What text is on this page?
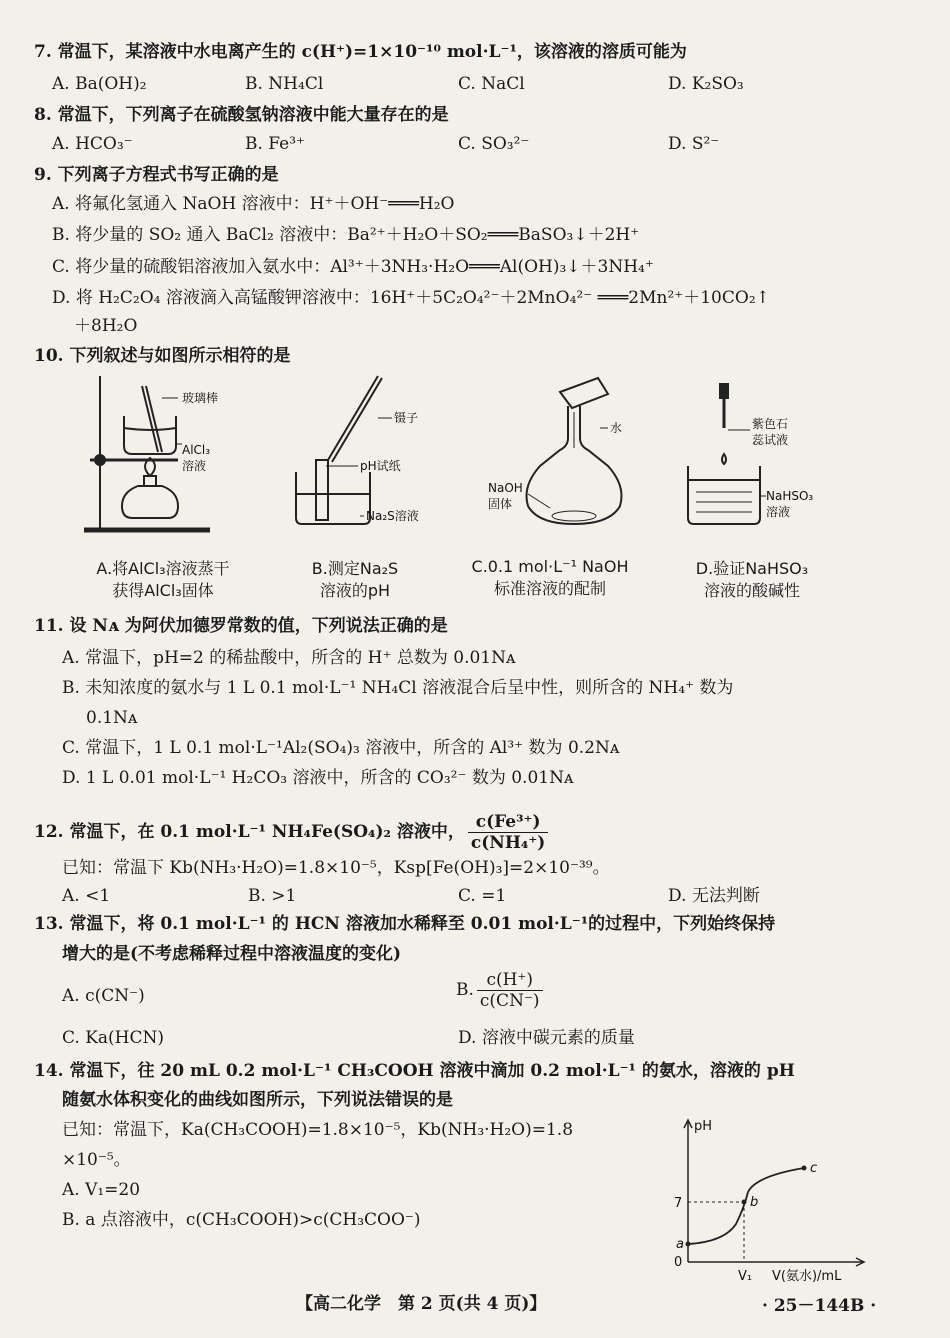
7. 常温下，某溶液中水电离产生的 c(H⁺)=1×10⁻¹⁰ mol·L⁻¹，该溶液的溶质可能为
A. Ba(OH)₂	B. NH₄Cl	C. NaCl	D. K₂SO₃
8. 常温下，下列离子在硫酸氢钠溶液中能大量存在的是
A. HCO₃⁻	B. Fe³⁺	C. SO₃²⁻	D. S²⁻
9. 下列离子方程式书写正确的是
A. 将氟化氢通入 NaOH 溶液中：H⁺＋OH⁻═══H₂O
B. 将少量的 SO₂ 通入 BaCl₂ 溶液中：Ba²⁺＋H₂O＋SO₂═══BaSO₃↓＋2H⁺
C. 将少量的硫酸铝溶液加入氨水中：Al³⁺＋3NH₃·H₂O═══Al(OH)₃↓＋3NH₄⁺
D. 将 H₂C₂O₄ 溶液滴入高锰酸钾溶液中：16H⁺＋5C₂O₄²⁻＋2MnO₄²⁻ ═══2Mn²⁺＋10CO₂↑
＋8H₂O
10. 下列叙述与如图所示相符的是
玻璃棒
AlCl₃
溶液
镊子
pH试纸
Na₂S溶液
水
NaOH
固体
紫色石
蕊试液
NaHSO₃
溶液
A.将AlCl₃溶液蒸干
获得AlCl₃固体
B.测定Na₂S
溶液的pH
C.0.1 mol·L⁻¹ NaOH
标准溶液的配制
D.验证NaHSO₃
溶液的酸碱性
11. 设 Nᴀ 为阿伏加德罗常数的值，下列说法正确的是
A. 常温下，pH=2 的稀盐酸中，所含的 H⁺ 总数为 0.01Nᴀ
B. 未知浓度的氨水与 1 L 0.1 mol·L⁻¹ NH₄Cl 溶液混合后呈中性，则所含的 NH₄⁺ 数为
0.1Nᴀ
C. 常温下，1 L 0.1 mol·L⁻¹Al₂(SO₄)₃ 溶液中，所含的 Al³⁺ 数为 0.2Nᴀ
D. 1 L 0.01 mol·L⁻¹ H₂CO₃ 溶液中，所含的 CO₃²⁻ 数为 0.01Nᴀ
12. 常温下，在 0.1 mol·L⁻¹ NH₄Fe(SO₄)₂ 溶液中， $\frac{\text{c(Fe³⁺)}}{\text{c(NH₄⁺)}}$
已知：常温下 Kb(NH₃·H₂O)=1.8×10⁻⁵，Ksp[Fe(OH)₃]=2×10⁻³⁹。
A. <1	B. >1	C. =1	D. 无法判断
13. 常温下，将 0.1 mol·L⁻¹ 的 HCN 溶液加水稀释至 0.01 mol·L⁻¹的过程中，下列始终保持
增大的是(不考虑稀释过程中溶液温度的变化)
A. c(CN⁻)	B. $\frac{c(H^+)}{c(CN^-)}$
C. Ka(HCN)	D. 溶液中碳元素的质量
14. 常温下，往 20 mL 0.2 mol·L⁻¹ CH₃COOH 溶液中滴加 0.2 mol·L⁻¹ 的氨水，溶液的 pH
随氨水体积变化的曲线如图所示，下列说法错误的是
已知：常温下，Ka(CH₃COOH)=1.8×10⁻⁵，Kb(NH₃·H₂O)=1.8
×10⁻⁵。
A. V₁=20
B. a 点溶液中，c(CH₃COOH)>c(CH₃COO⁻)
pH
7
0
V₁ V(氨水)/mL
a
b
c
【高二化学　第 2 页(共 4 页)】	· 25－144B ·
